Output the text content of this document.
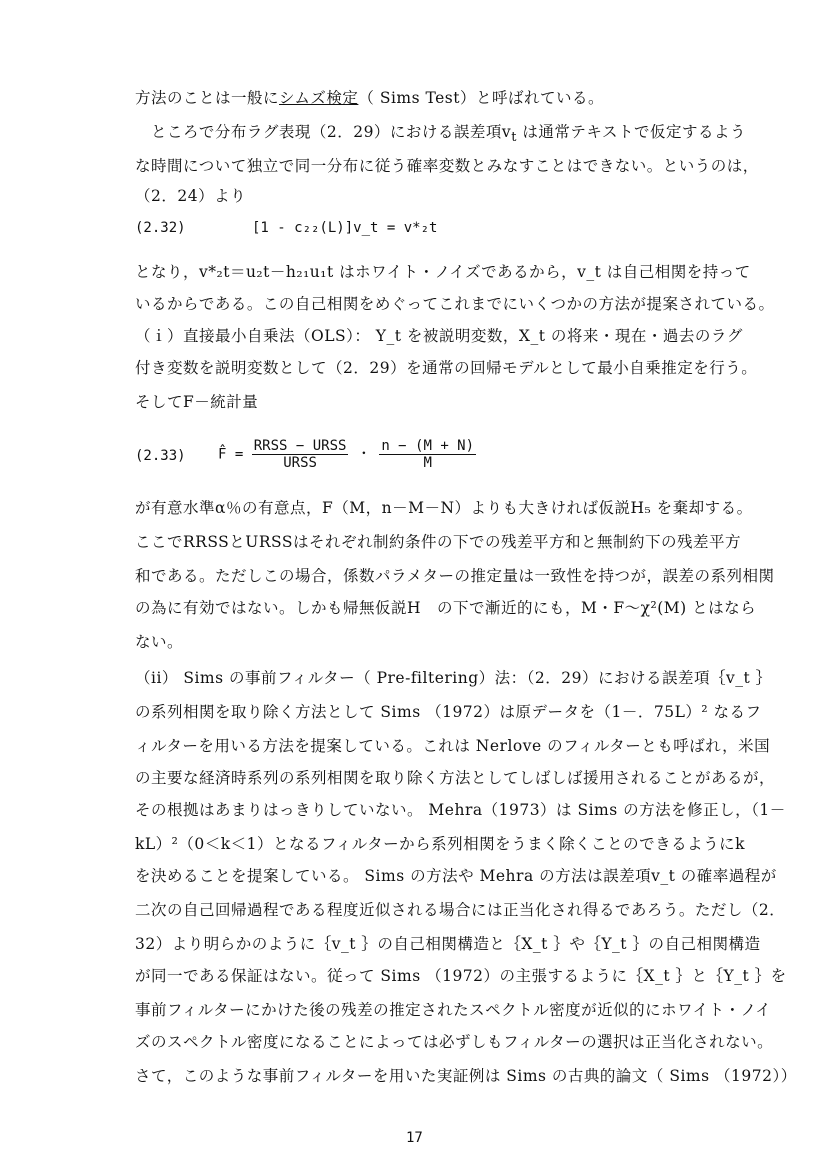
方法のことは一般にシムズ検定（ Sims Test）と呼ばれている。
　ところで分布ラグ表現（2．29）における誤差項$v_t$ は通常テキストで仮定するよう
な時間について独立で同一分布に従う確率変数とみなすことはできない。というのは，
（2．24）より
(2.32)	[1 - c₂₂(L)]v_t = v*₂t
となり，v*₂t＝u₂t－h₂₁u₁t はホワイト・ノイズであるから，v_t は自己相関を持って
いるからである。この自己相関をめぐってこれまでにいくつかの方法が提案されている。
（ｉ）直接最小自乗法（OLS）： Y_t を被説明変数，X_t の将来・現在・過去のラグ
付き変数を説明変数として（2．29）を通常の回帰モデルとして最小自乗推定を行う。
そしてF－統計量
(2.33) F̂ = $\frac{\text{RRSS − URSS}}{\text{URSS}}$ ・ $\frac{n - (M + N)}{M}$
が有意水準α％の有意点，F（M，n－M－N）よりも大きければ仮説H₅ を棄却する。
ここでRRSSとURSSはそれぞれ制約条件の下での残差平方和と無制約下の残差平方
和である。ただしこの場合，係数パラメターの推定量は一致性を持つが，誤差の系列相関
の為に有効ではない。しかも帰無仮説H　の下で漸近的にも，M・F～χ²(M) とはなら
ない。
（ii） Sims の事前フィルター（ Pre-filtering）法：（2．29）における誤差項｛v_t ｝
の系列相関を取り除く方法として Sims （1972）は原データを（1－．75L）² なるフ
ィルターを用いる方法を提案している。これは Nerlove のフィルターとも呼ばれ，米国
の主要な経済時系列の系列相関を取り除く方法としてしばしば援用されることがあるが，
その根拠はあまりはっきりしていない。 Mehra（1973）は Sims の方法を修正し，（1－
kL）²（0＜k＜1）となるフィルターから系列相関をうまく除くことのできるようにk
を決めることを提案している。 Sims の方法や Mehra の方法は誤差項v_t の確率過程が
二次の自己回帰過程である程度近似される場合には正当化され得るであろう。ただし（2．
32）より明らかのように｛v_t ｝の自己相関構造と｛X_t ｝や｛Y_t ｝の自己相関構造
が同一である保証はない。従って Sims （1972）の主張するように｛X_t ｝と｛Y_t ｝を
事前フィルターにかけた後の残差の推定されたスペクトル密度が近似的にホワイト・ノイ
ズのスペクトル密度になることによっては必ずしもフィルターの選択は正当化されない。
さて，このような事前フィルターを用いた実証例は Sims の古典的論文（ Sims （1972））
17
